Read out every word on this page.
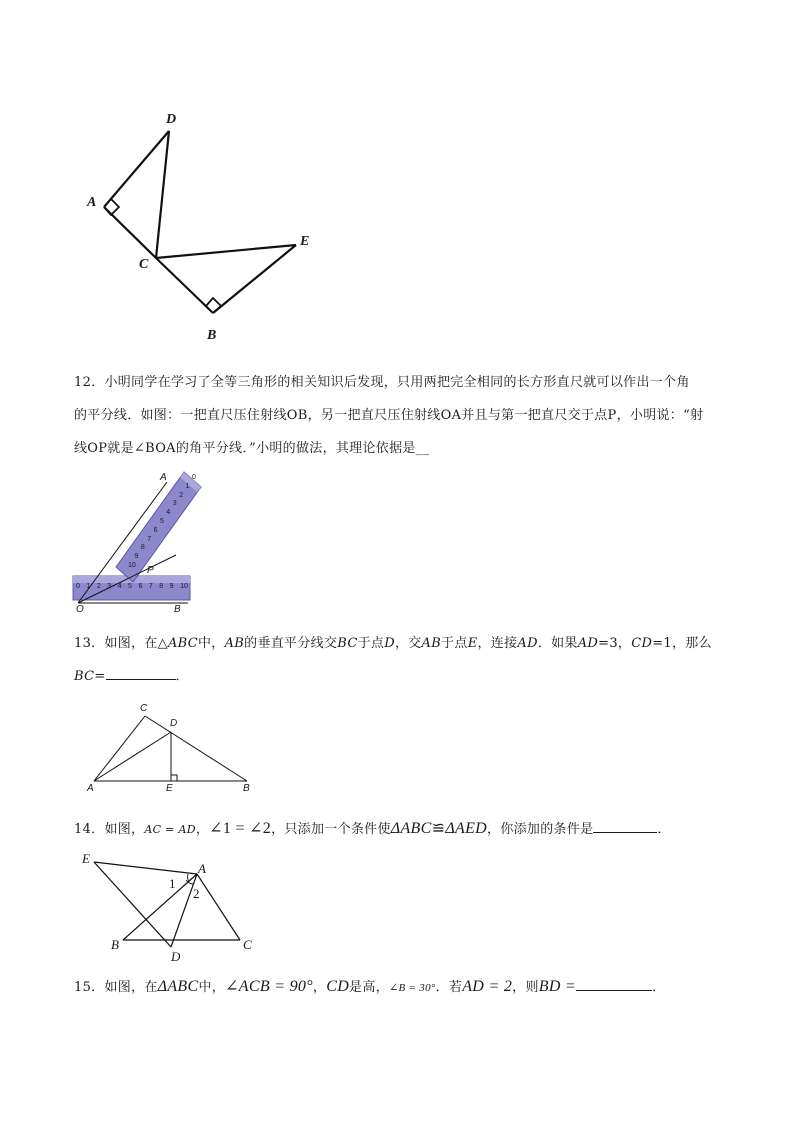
D
A
C
E
B
12．小明同学在学习了全等三角形的相关知识后发现，只用两把完全相同的长方形直尺就可以作出一个角
的平分线．如图：一把直尺压住射线OB，另一把直尺压住射线OA并且与第一把直尺交于点P，小明说：“射
线OP就是∠BOA的角平分线．”小明的做法，其理论依据是__
0 1 2 3 4 5 6 7 8 9 10
10
9
8
7
6
5
4
3
2
1
0
A
P
O	B
13．如图，在△ABC中，AB的垂直平分线交BC于点D，交AB于点E，连接AD．如果AD=3，CD=1，那么
BC=	．
C
D
A	E	B
14．如图，AC = AD，∠1 = ∠2，只添加一个条件使ΔABC≌ΔAED，你添加的条件是	．
E
A
1
2
B
D
C
15．如图，在ΔABC中，∠ACB = 90°，CD是高，∠B = 30°．若AD = 2，则BD =	．
